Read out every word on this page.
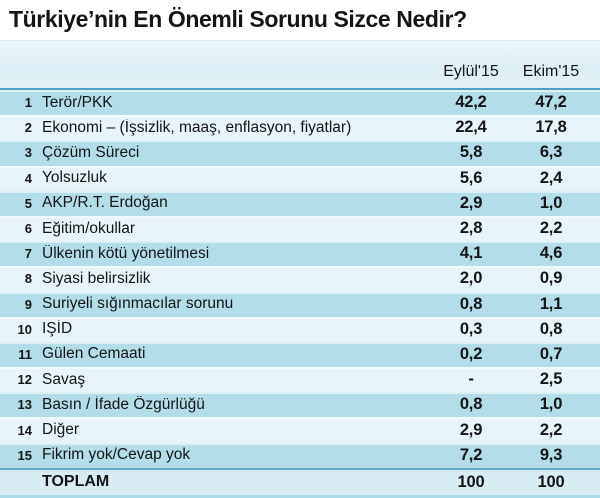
Türkiye’nin En Önemli Sorunu Sizce Nedir?
Eylül'15	Ekim'15
1 Terör/PKK	42,2	47,2
2 Ekonomi – (İşsizlik, maaş, enflasyon, fiyatlar)	22,4	17,8
3 Çözüm Süreci	5,8	6,3
4 Yolsuzluk	5,6	2,4
5 AKP/R.T. Erdoğan	2,9	1,0
6 Eğitim/okullar	2,8	2,2
7 Ülkenin kötü yönetilmesi	4,1	4,6
8 Siyasi belirsizlik	2,0	0,9
9 Suriyeli sığınmacılar sorunu	0,8	1,1
10 IŞİD	0,3	0,8
11 Gülen Cemaati	0,2	0,7
12 Savaş	-	2,5
13 Basın / İfade Özgürlüğü	0,8	1,0
14 Diğer	2,9	2,2
15 Fikrim yok/Cevap yok	7,2	9,3
TOPLAM	100	100
